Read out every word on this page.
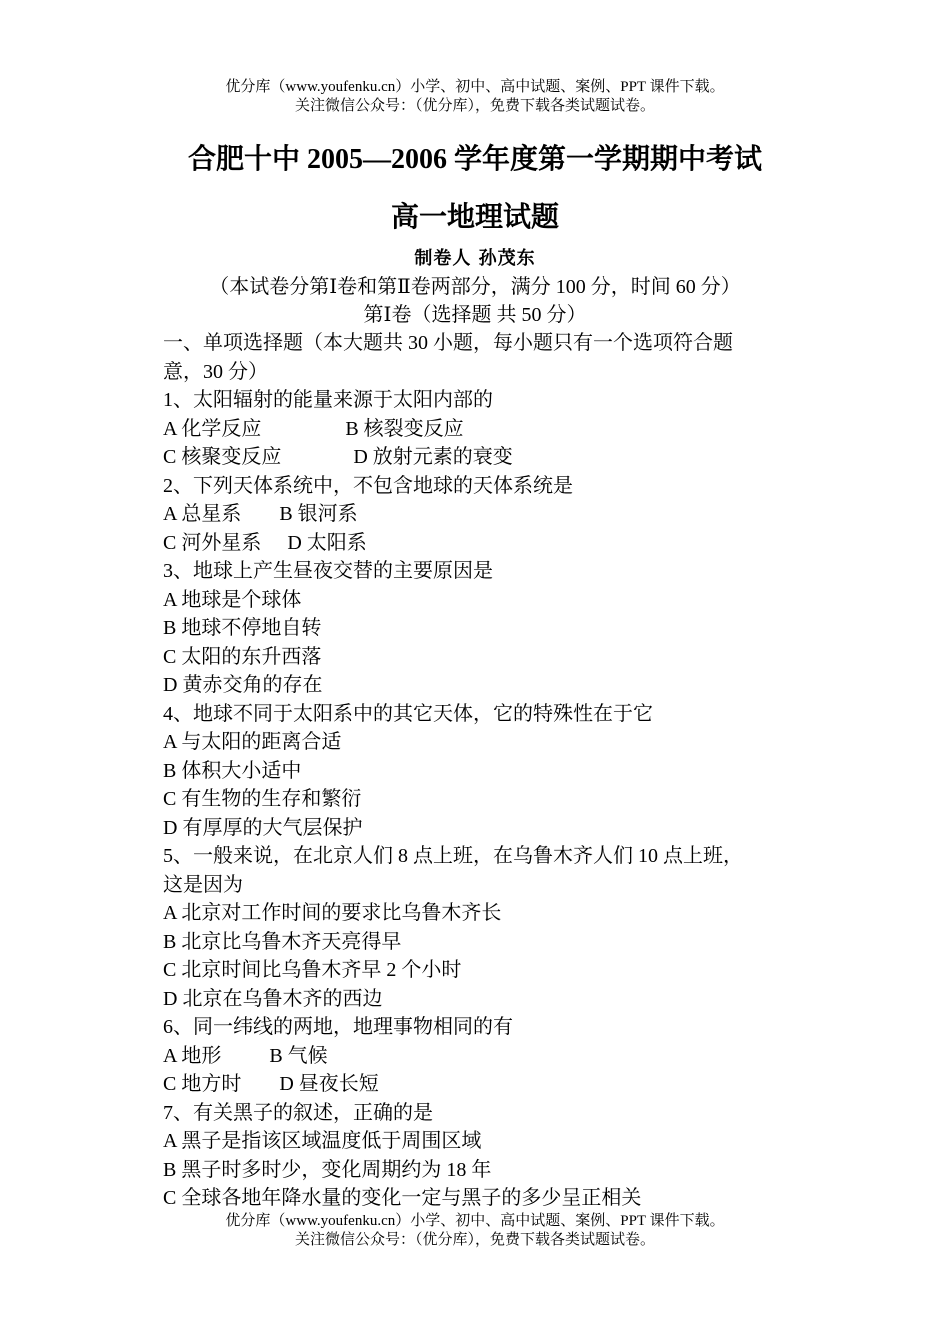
优分库（www.youfenku.cn）小学、初中、高中试题、案例、PPT 课件下载。
关注微信公众号：（优分库），免费下载各类试题试卷。
合肥十中 2005—2006 学年度第一学期期中考试
高一地理试题
制卷人 孙茂东
（本试卷分第Ⅰ卷和第Ⅱ卷两部分，满分 100 分，时间 60 分）
第Ⅰ卷（选择题 共 50 分）
一、单项选择题（本大题共 30 小题，每小题只有一个选项符合题
意，30 分）
1、太阳辐射的能量来源于太阳内部的
A 化学反应	B 核裂变反应
C 核聚变反应	D 放射元素的衰变
2、下列天体系统中，不包含地球的天体系统是
A 总星系 B 银河系
C 河外星系 D 太阳系
3、地球上产生昼夜交替的主要原因是
A 地球是个球体
B 地球不停地自转
C 太阳的东升西落
D 黄赤交角的存在
4、地球不同于太阳系中的其它天体，它的特殊性在于它
A 与太阳的距离合适
B 体积大小适中
C 有生物的生存和繁衍
D 有厚厚的大气层保护
5、一般来说，在北京人们 8 点上班，在乌鲁木齐人们 10 点上班，
这是因为
A 北京对工作时间的要求比乌鲁木齐长
B 北京比乌鲁木齐天亮得早
C 北京时间比乌鲁木齐早 2 个小时
D 北京在乌鲁木齐的西边
6、同一纬线的两地，地理事物相同的有
A 地形 B 气候
C 地方时 D 昼夜长短
7、有关黑子的叙述，正确的是
A 黑子是指该区域温度低于周围区域
B 黑子时多时少，变化周期约为 18 年
C 全球各地年降水量的变化一定与黑子的多少呈正相关
优分库（www.youfenku.cn）小学、初中、高中试题、案例、PPT 课件下载。
关注微信公众号：（优分库），免费下载各类试题试卷。
